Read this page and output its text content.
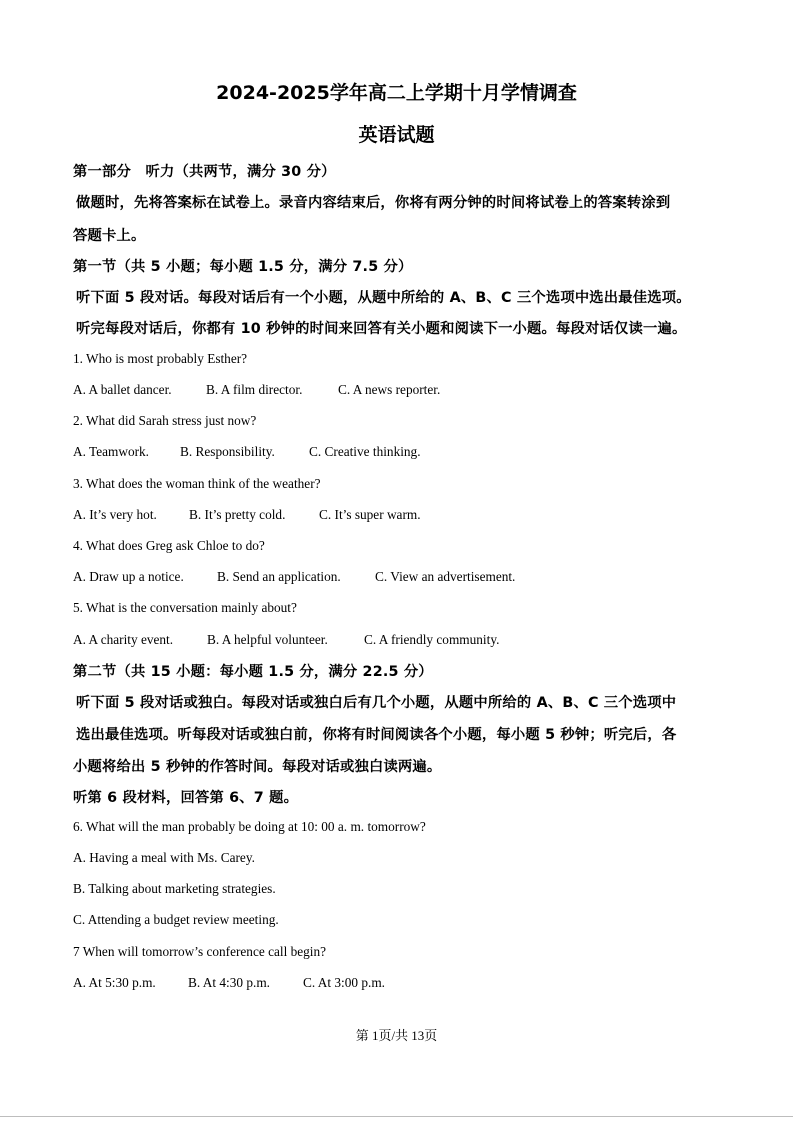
2024-2025学年高二上学期十月学情调查
英语试题
第一部分　听力（共两节，满分 30 分）
做题时，先将答案标在试卷上。录音内容结束后，你将有两分钟的时间将试卷上的答案转涂到
答题卡上。
第一节（共 5 小题；每小题 1.5 分，满分 7.5 分）
听下面 5 段对话。每段对话后有一个小题，从题中所给的 A、B、C 三个选项中选出最佳选项。
听完每段对话后，你都有 10 秒钟的时间来回答有关小题和阅读下一小题。每段对话仅读一遍。
1. Who is most probably Esther?
A. A ballet dancer.	B. A film director.	C. A news reporter.
2. What did Sarah stress just now?
A. Teamwork. B. Responsibility.	C. Creative thinking.
3. What does the woman think of the weather?
A. It’s very hot. B. It’s pretty cold.	C. It’s super warm.
4. What does Greg ask Chloe to do?
A. Draw up a notice. B. Send an application.	C. View an advertisement.
5. What is the conversation mainly about?
A. A charity event.	B. A helpful volunteer.	C. A friendly community.
第二节（共 15 小题：每小题 1.5 分，满分 22.5 分）
听下面 5 段对话或独白。每段对话或独白后有几个小题，从题中所给的 A、B、C 三个选项中
选出最佳选项。听每段对话或独白前，你将有时间阅读各个小题，每小题 5 秒钟；听完后，各
小题将给出 5 秒钟的作答时间。每段对话或独白读两遍。
听第 6 段材料，回答第 6、7 题。
6. What will the man probably be doing at 10: 00 a. m. tomorrow?
A. Having a meal with Ms. Carey.
B. Talking about marketing strategies.
C. Attending a budget review meeting.
7 When will tomorrow’s conference call begin?
A. At 5:30 p.m. B. At 4:30 p.m. C. At 3:00 p.m.
第 1页/共 13页
